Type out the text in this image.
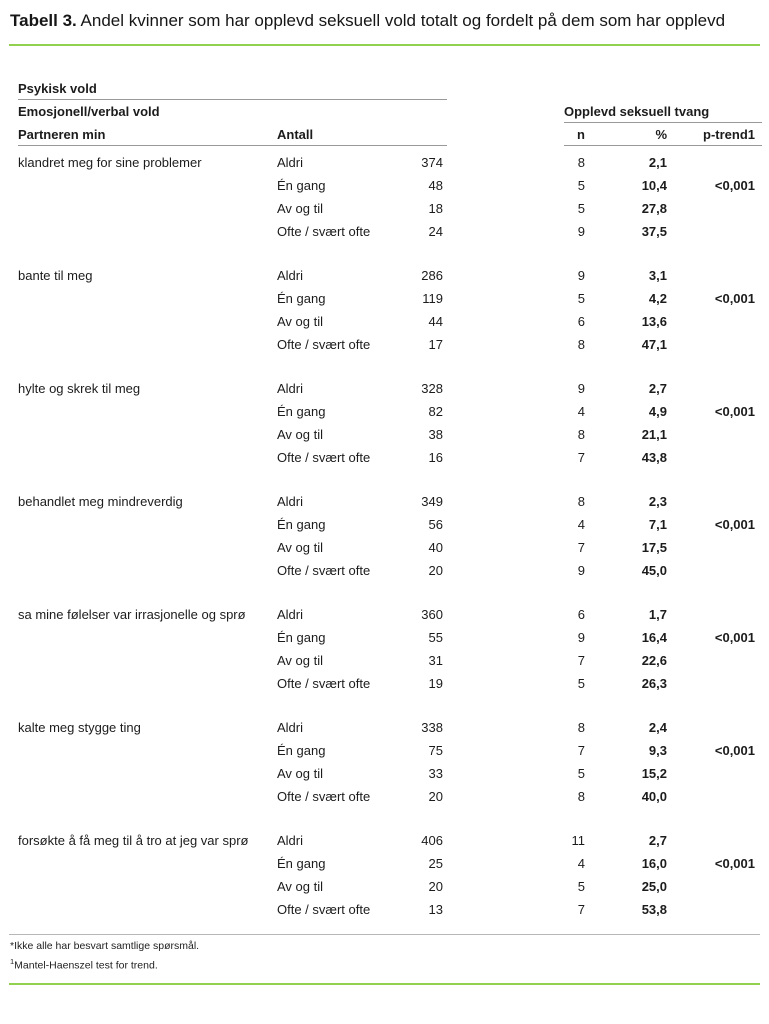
Tabell 3. Andel kvinner som har opplevd seksuell vold totalt og fordelt på dem som har opplevd
Psykisk vold
Emosjonell/verbal vold	Opplevd seksuell tvang
Partneren min	Antall	n	%	p-trend1
klandret meg for sine problemer	Aldri	374	8	2,1
Én gang	48	5	10,4	<0,001
Av og til	18	5	27,8
Ofte / svært ofte	24	9	37,5
bante til meg	Aldri	286	9	3,1
Én gang	119	5	4,2	<0,001
Av og til	44	6	13,6
Ofte / svært ofte	17	8	47,1
hylte og skrek til meg	Aldri	328	9	2,7
Én gang	82	4	4,9	<0,001
Av og til	38	8	21,1
Ofte / svært ofte	16	7	43,8
behandlet meg mindreverdig	Aldri	349	8	2,3
Én gang	56	4	7,1	<0,001
Av og til	40	7	17,5
Ofte / svært ofte	20	9	45,0
sa mine følelser var irrasjonelle og sprø	Aldri	360	6	1,7
Én gang	55	9	16,4	<0,001
Av og til	31	7	22,6
Ofte / svært ofte	19	5	26,3
kalte meg stygge ting	Aldri	338	8	2,4
Én gang	75	7	9,3	<0,001
Av og til	33	5	15,2
Ofte / svært ofte	20	8	40,0
forsøkte å få meg til å tro at jeg var sprø	Aldri	406	11	2,7
Én gang	25	4	16,0	<0,001
Av og til	20	5	25,0
Ofte / svært ofte	13	7	53,8
*Ikke alle har besvart samtlige spørsmål.
$^1$Mantel-Haenszel test for trend.
